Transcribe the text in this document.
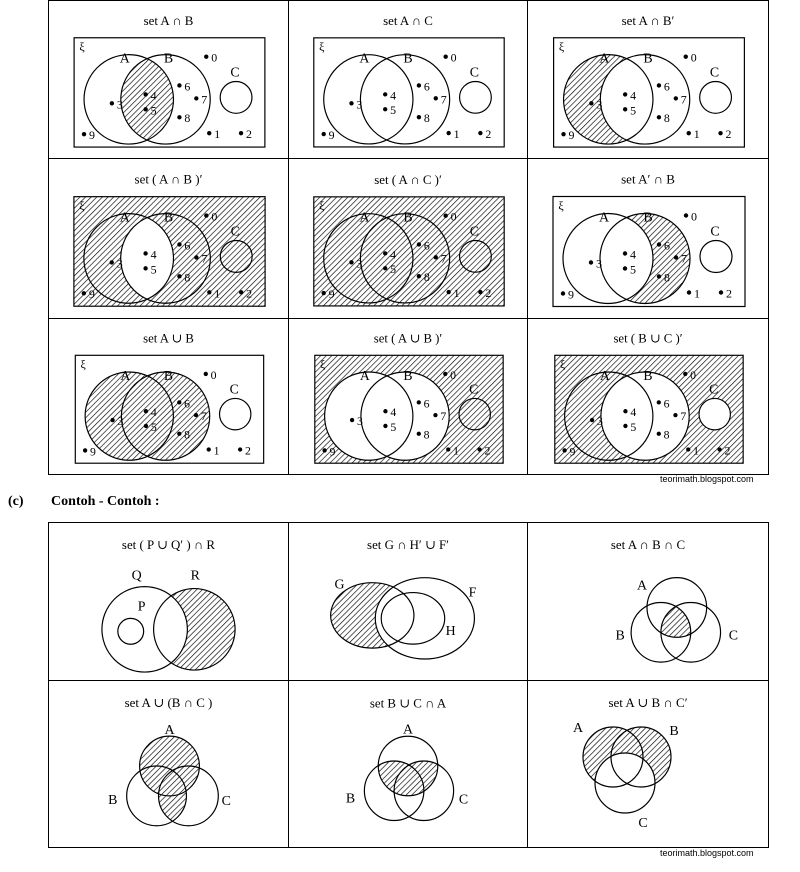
set A ∩ B
ξ
A B
C
0
1 2
3
4
5
6
7
8
9
set A ∩ C
ξ
A B
C
0
1 2
3
4
5
6
7
8
9
set A ∩ B′
ξ
A B
C
0
1 2
3
4
5
6
7
8
9
set ( A ∩ B )′
ξ
A B
C
0
1 2
3
4
5
6
7
8
9
set ( A ∩ C )′
ξ
A B
C
0
1 2
3
4
5
6
7
8
9
set A′ ∩ B
ξ
A B
C
0
1 2
3
4
5
6
7
8
9
set A ∪ B
ξ
A B
C
0
1 2
3
4
5
6
7
8
9
set ( A ∪ B )′
ξ
A B
C
0
1 2
3
4
5
6
7
8
9
set ( B ∪ C )′
ξ
A B
C
0
1 2
3
4
5
6
7
8
9
teorimath.blogspot.com
(c) Contoh - Contoh :
set ( P ∪ Q′ ) ∩ R
Q	R
P
set G ∩ H′ ∪ F′
G
F
H
set A ∩ B ∩ C
A
B	C
set A ∪ (B ∩ C )
A
B	C
set B ∪ C ∩ A
A
B	C
set A ∪ B ∩ C′
A	B
C
teorimath.blogspot.com
